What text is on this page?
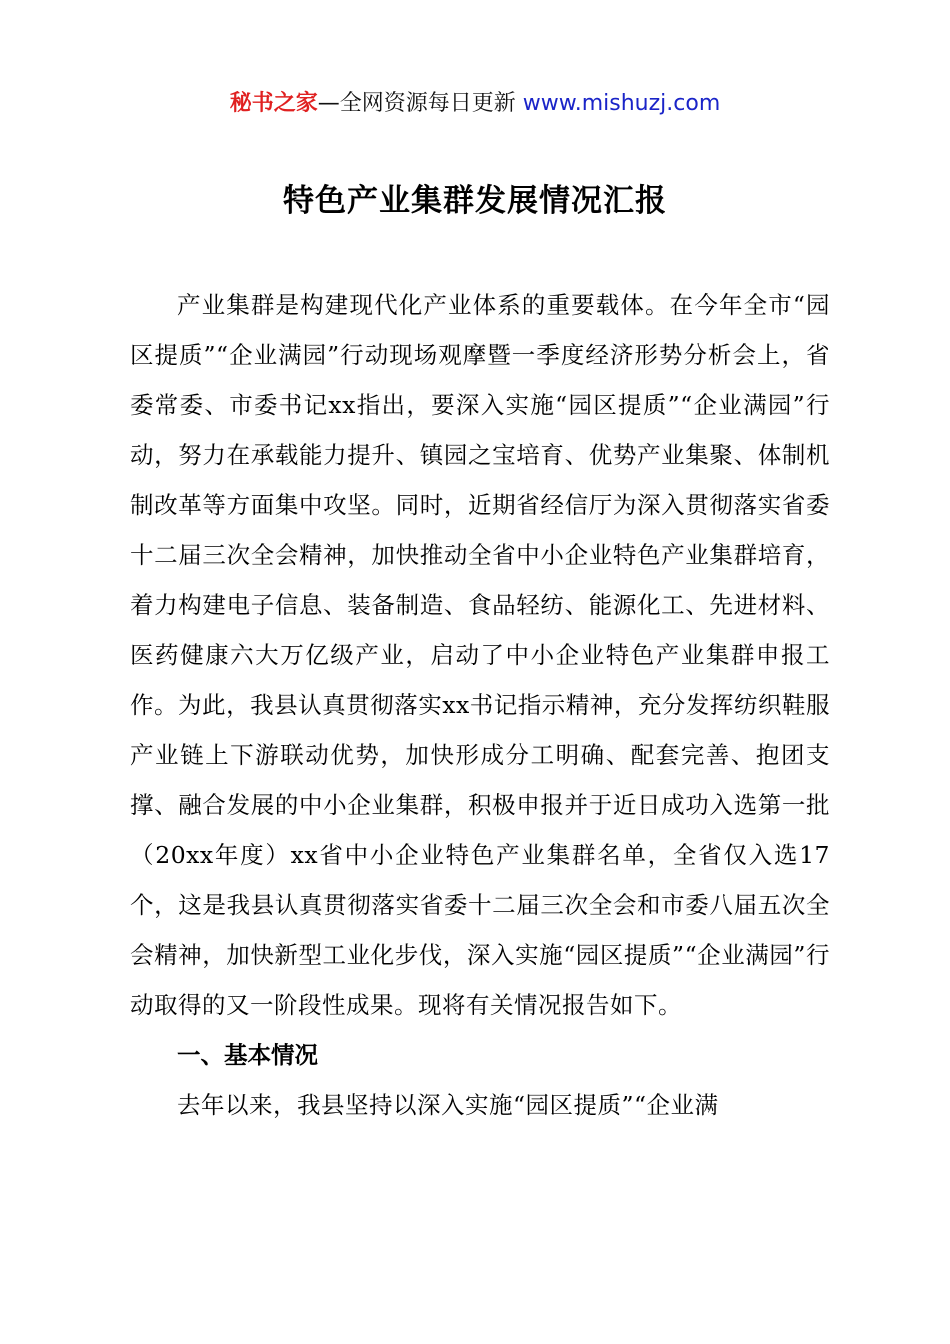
秘书之家—全网资源每日更新 www.mishuzj.com
特色产业集群发展情况汇报

产业集群是构建现代化产业体系的重要载体。在今年全市“园区提质”“企业满园”行动现场观摩暨一季度经济形势分析会上，省委常委、市委书记xx指出，要深入实施“园区提质”“企业满园”行动，努力在承载能力提升、镇园之宝培育、优势产业集聚、体制机制改革等方面集中攻坚。同时，近期省经信厅为深入贯彻落实省委十二届三次全会精神，加快推动全省中小企业特色产业集群培育，着力构建电子信息、装备制造、食品轻纺、能源化工、先进材料、医药健康六大万亿级产业，启动了中小企业特色产业集群申报工作。为此，我县认真贯彻落实xx书记指示精神，充分发挥纺织鞋服产业链上下游联动优势，加快形成分工明确、配套完善、抱团支撑、融合发展的中小企业集群，积极申报并于近日成功入选第一批（20xx年度）xx省中小企业特色产业集群名单，全省仅入选17个，这是我县认真贯彻落实省委十二届三次全会和市委八届五次全会精神，加快新型工业化步伐，深入实施“园区提质”“企业满园”行动取得的又一阶段性成果。现将有关情况报告如下。

一、基本情况

去年以来，我县坚持以深入实施“园区提质”“企业满
